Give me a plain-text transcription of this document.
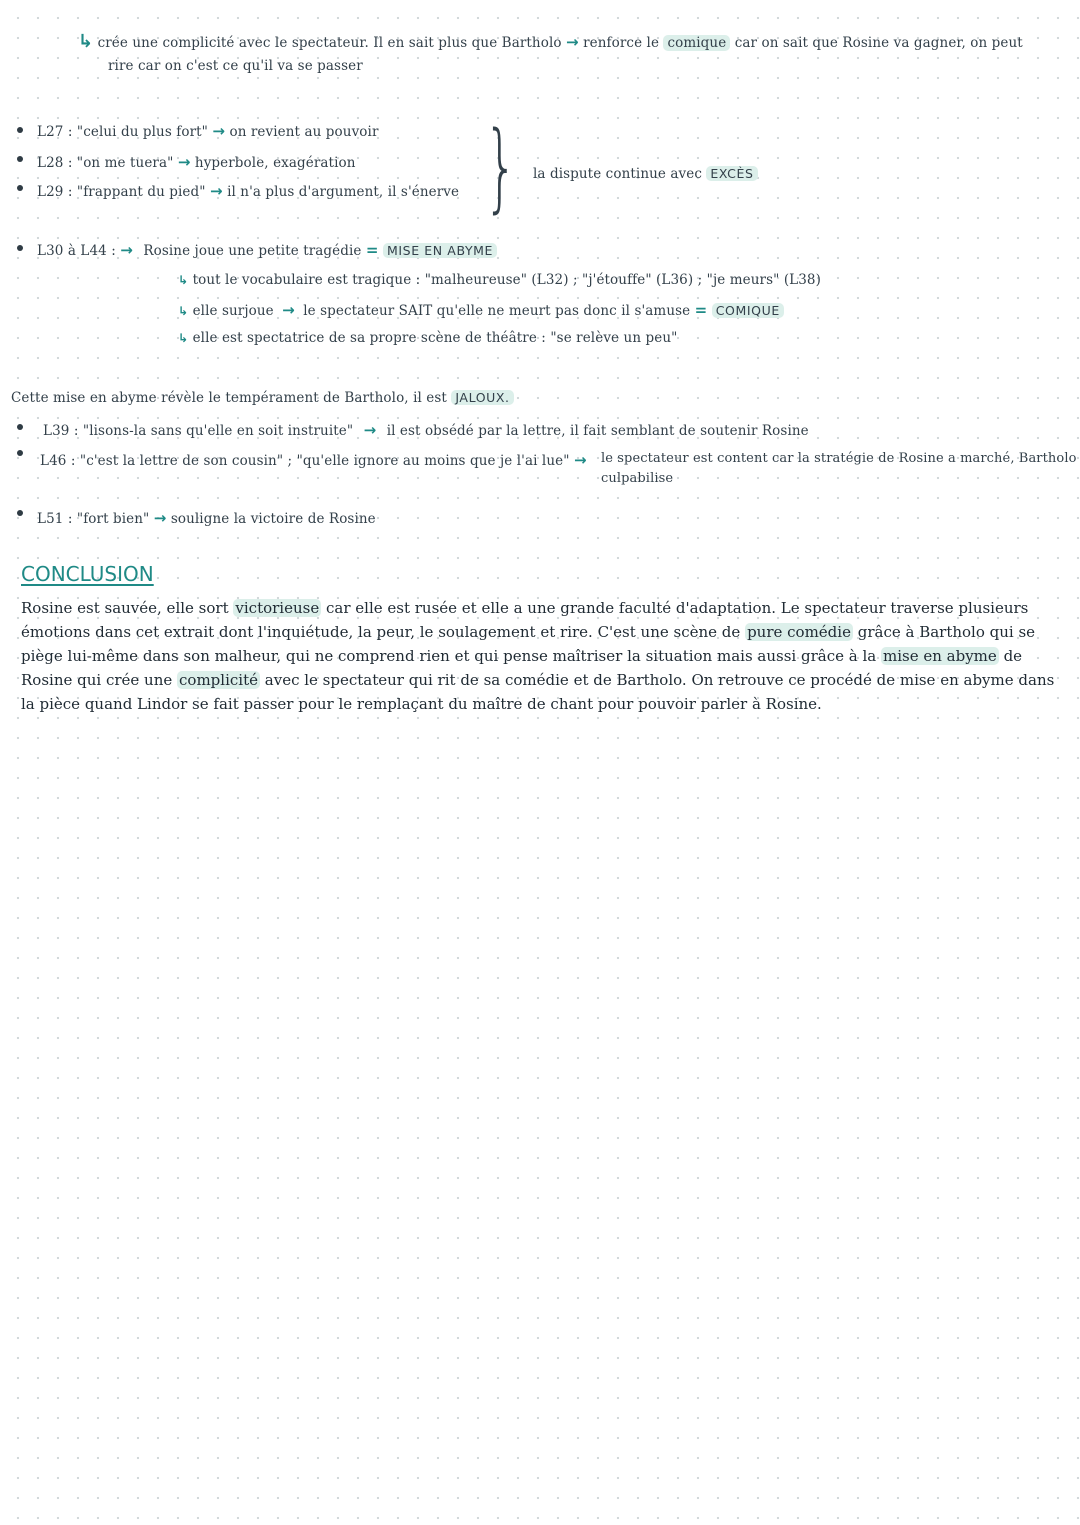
↳ crée une complicité avec le spectateur. Il en sait plus que Bartholo → renforce le comique car on sait que Rosine va gagner, on peut
rire car on c'est ce qu'il va se passer
L27 : "celui du plus fort" → on revient au pouvoir
L28 : "on me tuera" → hyperbole, exagération
L29 : "frappant du pied" → il n'a plus d'argument, il s'énerve } la dispute continue avec EXCÈS
L30 à L44 : → Rosine joue une petite tragédie = MISE EN ABYME
↳ tout le vocabulaire est tragique : "malheureuse" (L32) ; "j'étouffe" (L36) ; "je meurs" (L38)
↳ elle surjoue → le spectateur SAIT qu'elle ne meurt pas donc il s'amuse = COMIQUE
↳ elle est spectatrice de sa propre scène de théâtre : "se relève un peu"
Cette mise en abyme révèle le tempérament de Bartholo, il est JALOUX.
L39 : "lisons-la sans qu'elle en soit instruite" → il est obsédé par la lettre, il fait semblant de soutenir Rosine
L46 : "c'est la lettre de son cousin" ; "qu'elle ignore au moins que je l'ai lue" → le spectateur est content car la stratégie de Rosine a marché, Bartholo
culpabilise
L51 : "fort bien" → souligne la victoire de Rosine
CONCLUSION
Rosine est sauvée, elle sort victorieuse car elle est rusée et elle a une grande faculté d'adaptation. Le spectateur traverse plusieurs émotions dans cet extrait dont l'inquiétude, la peur, le soulagement et rire. C'est une scène de pure comédie grâce à Bartholo qui se piège lui-même dans son malheur, qui ne comprend rien et qui pense maîtriser la situation mais aussi grâce à la mise en abyme de Rosine qui crée une complicité avec le spectateur qui rit de sa comédie et de Bartholo. On retrouve ce procédé de mise en abyme dans la pièce quand Lindor se fait passer pour le remplaçant du maître de chant pour pouvoir parler à Rosine.
